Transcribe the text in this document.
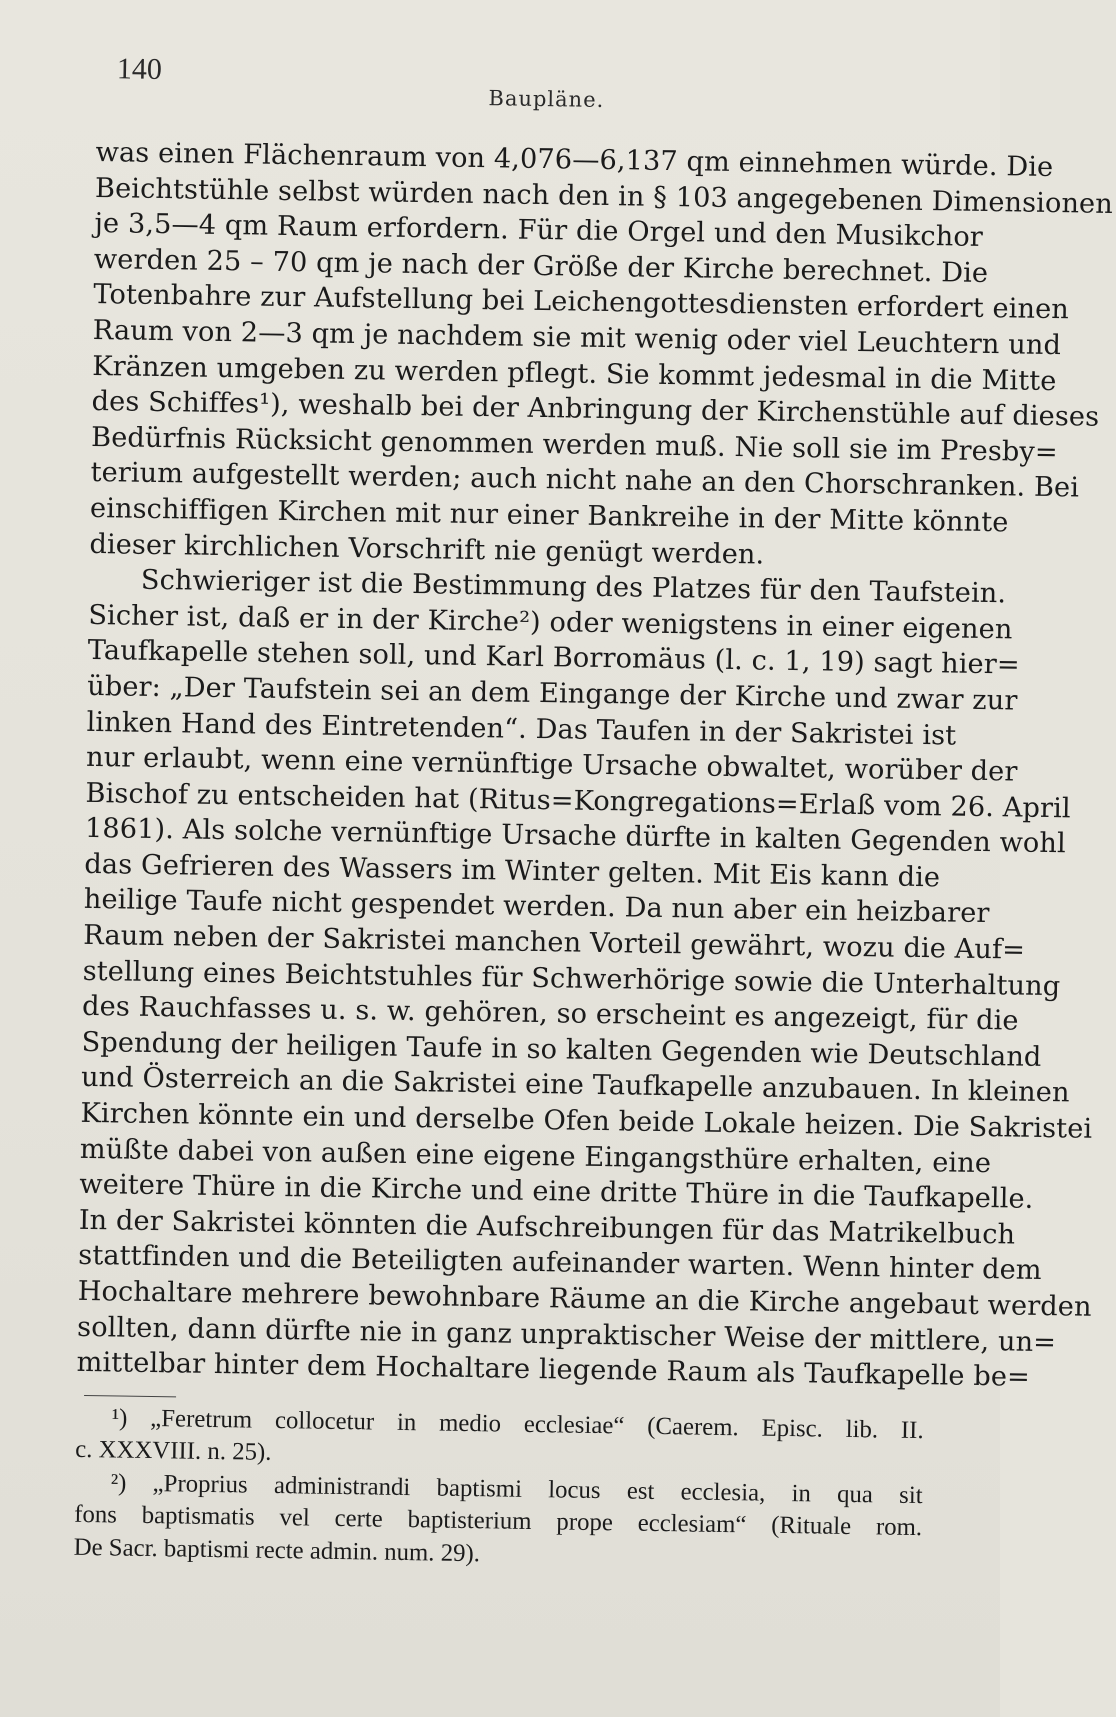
140
Baupläne.
was einen Flächenraum von 4,076—6,137 qm einnehmen würde. Die
Beichtstühle selbst würden nach den in § 103 angegebenen Dimensionen
je 3,5—4 qm Raum erfordern. Für die Orgel und den Musikchor
werden 25 – 70 qm je nach der Größe der Kirche berechnet. Die
Totenbahre zur Aufstellung bei Leichengottesdiensten erfordert einen
Raum von 2—3 qm je nachdem sie mit wenig oder viel Leuchtern und
Kränzen umgeben zu werden pflegt. Sie kommt jedesmal in die Mitte
des Schiffes¹), weshalb bei der Anbringung der Kirchenstühle auf dieses
Bedürfnis Rücksicht genommen werden muß. Nie soll sie im Presby=
terium aufgestellt werden; auch nicht nahe an den Chorschranken. Bei
einschiffigen Kirchen mit nur einer Bankreihe in der Mitte könnte
dieser kirchlichen Vorschrift nie genügt werden.
Schwieriger ist die Bestimmung des Platzes für den Taufstein.
Sicher ist, daß er in der Kirche²) oder wenigstens in einer eigenen
Taufkapelle stehen soll, und Karl Borromäus (l. c. 1, 19) sagt hier=
über: „Der Taufstein sei an dem Eingange der Kirche und zwar zur
linken Hand des Eintretenden“. Das Taufen in der Sakristei ist
nur erlaubt, wenn eine vernünftige Ursache obwaltet, worüber der
Bischof zu entscheiden hat (Ritus=Kongregations=Erlaß vom 26. April
1861). Als solche vernünftige Ursache dürfte in kalten Gegenden wohl
das Gefrieren des Wassers im Winter gelten. Mit Eis kann die
heilige Taufe nicht gespendet werden. Da nun aber ein heizbarer
Raum neben der Sakristei manchen Vorteil gewährt, wozu die Auf=
stellung eines Beichtstuhles für Schwerhörige sowie die Unterhaltung
des Rauchfasses u. s. w. gehören, so erscheint es angezeigt, für die
Spendung der heiligen Taufe in so kalten Gegenden wie Deutschland
und Österreich an die Sakristei eine Taufkapelle anzubauen. In kleinen
Kirchen könnte ein und derselbe Ofen beide Lokale heizen. Die Sakristei
müßte dabei von außen eine eigene Eingangsthüre erhalten, eine
weitere Thüre in die Kirche und eine dritte Thüre in die Taufkapelle.
In der Sakristei könnten die Aufschreibungen für das Matrikelbuch
stattfinden und die Beteiligten aufeinander warten. Wenn hinter dem
Hochaltare mehrere bewohnbare Räume an die Kirche angebaut werden
sollten, dann dürfte nie in ganz unpraktischer Weise der mittlere, un=
mittelbar hinter dem Hochaltare liegende Raum als Taufkapelle be=
¹) „Feretrum collocetur in medio ecclesiae“ (Caerem. Episc. lib. II.
c. XXXVIII. n. 25).
²) „Proprius administrandi baptismi locus est ecclesia, in qua sit
fons baptismatis vel certe baptisterium prope ecclesiam“ (Rituale rom.
De Sacr. baptismi recte admin. num. 29).
